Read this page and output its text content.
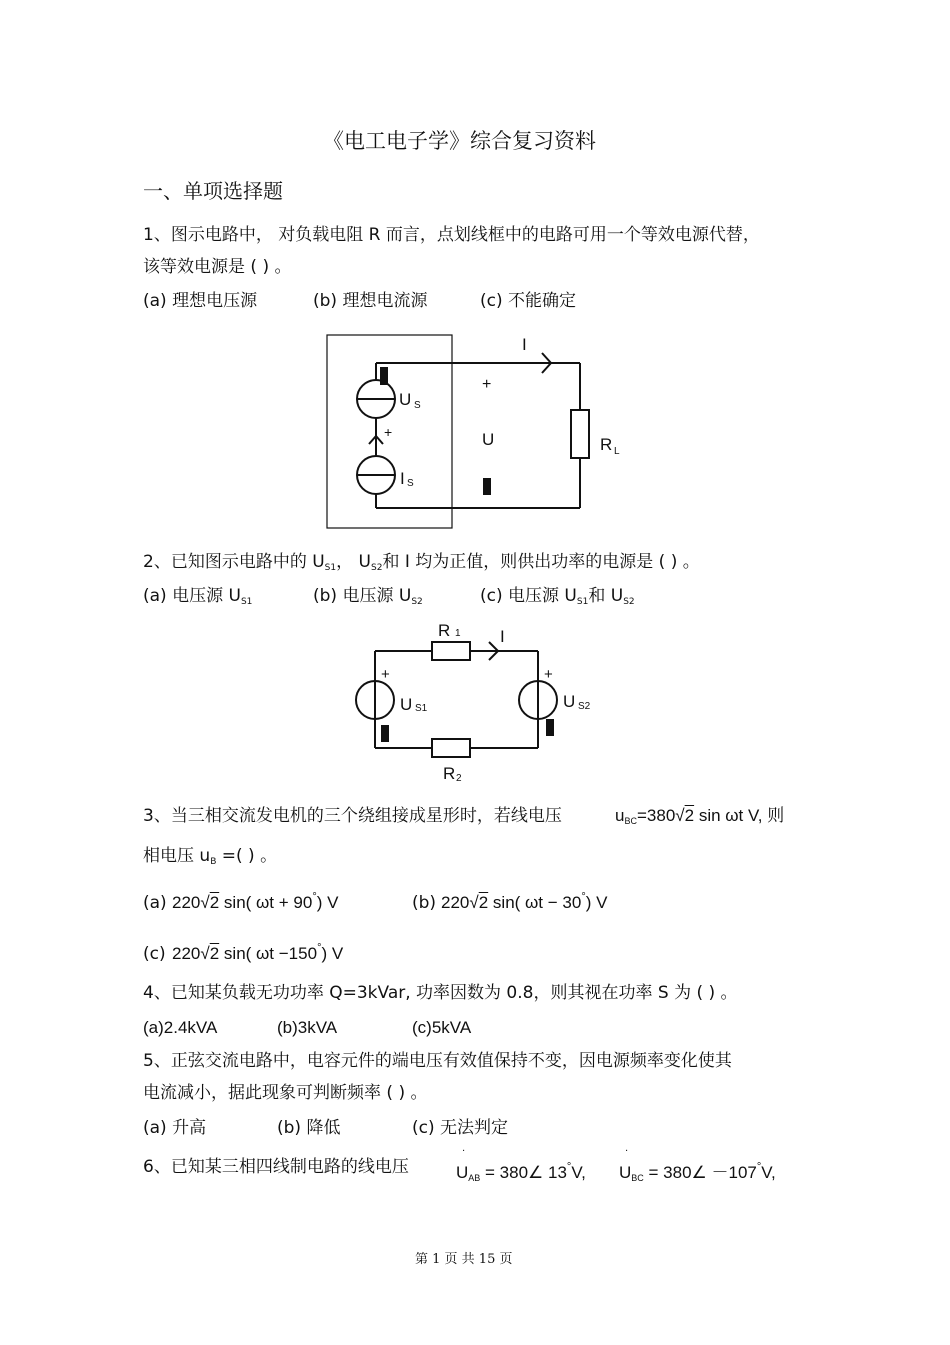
《电工电子学》综合复习资料
一、单项选择题
1、图示电路中， 对负载电阻 R 而言，点划线框中的电路可用一个等效电源代替，
该等效电源是 ( ) 。
(a) 理想电压源	(b) 理想电流源	(c) 不能确定
I
+
U
+
U S
I S
R L
2、已知图示电路中的 $U_{S1}$， $U_{S2}$和 I 均为正值，则供出功率的电源是 ( ) 。
(a) 电压源 $U_{S1}$	(b) 电压源 $U_{S2}$	(c) 电压源 $U_{S1}$和 $U_{S2}$
+	+
R 1 I
U S1	U S2
R 2
3、当三相交流发电机的三个绕组接成星形时，若线电压	$u_{BC}=380√2$ sin ωt V, 则
相电压 $u_B$ =( ) 。
(a) 220√2 sin( ωt + 90°) V	(b) 220√2 sin( ωt − 30°) V
(c) 220√2 sin( ωt −150°) V
4、已知某负载无功功率 Q=3kVar, 功率因数为 0.8，则其视在功率 S 为 ( ) 。
(a)2.4kVA	(b)3kVA	(c)5kVA
5、正弦交流电路中，电容元件的端电压有效值保持不变，因电源频率变化使其
电流减小，据此现象可判断频率 ( ) 。
(a) 升高	(b) 降低	(c) 无法判定
6、已知某三相四线制电路的线电压
·
$U_{AB}$ = 380∠ 13°V,
·
$U_{BC}$ = 380∠ －107°V,
第 1 页 共 15 页
